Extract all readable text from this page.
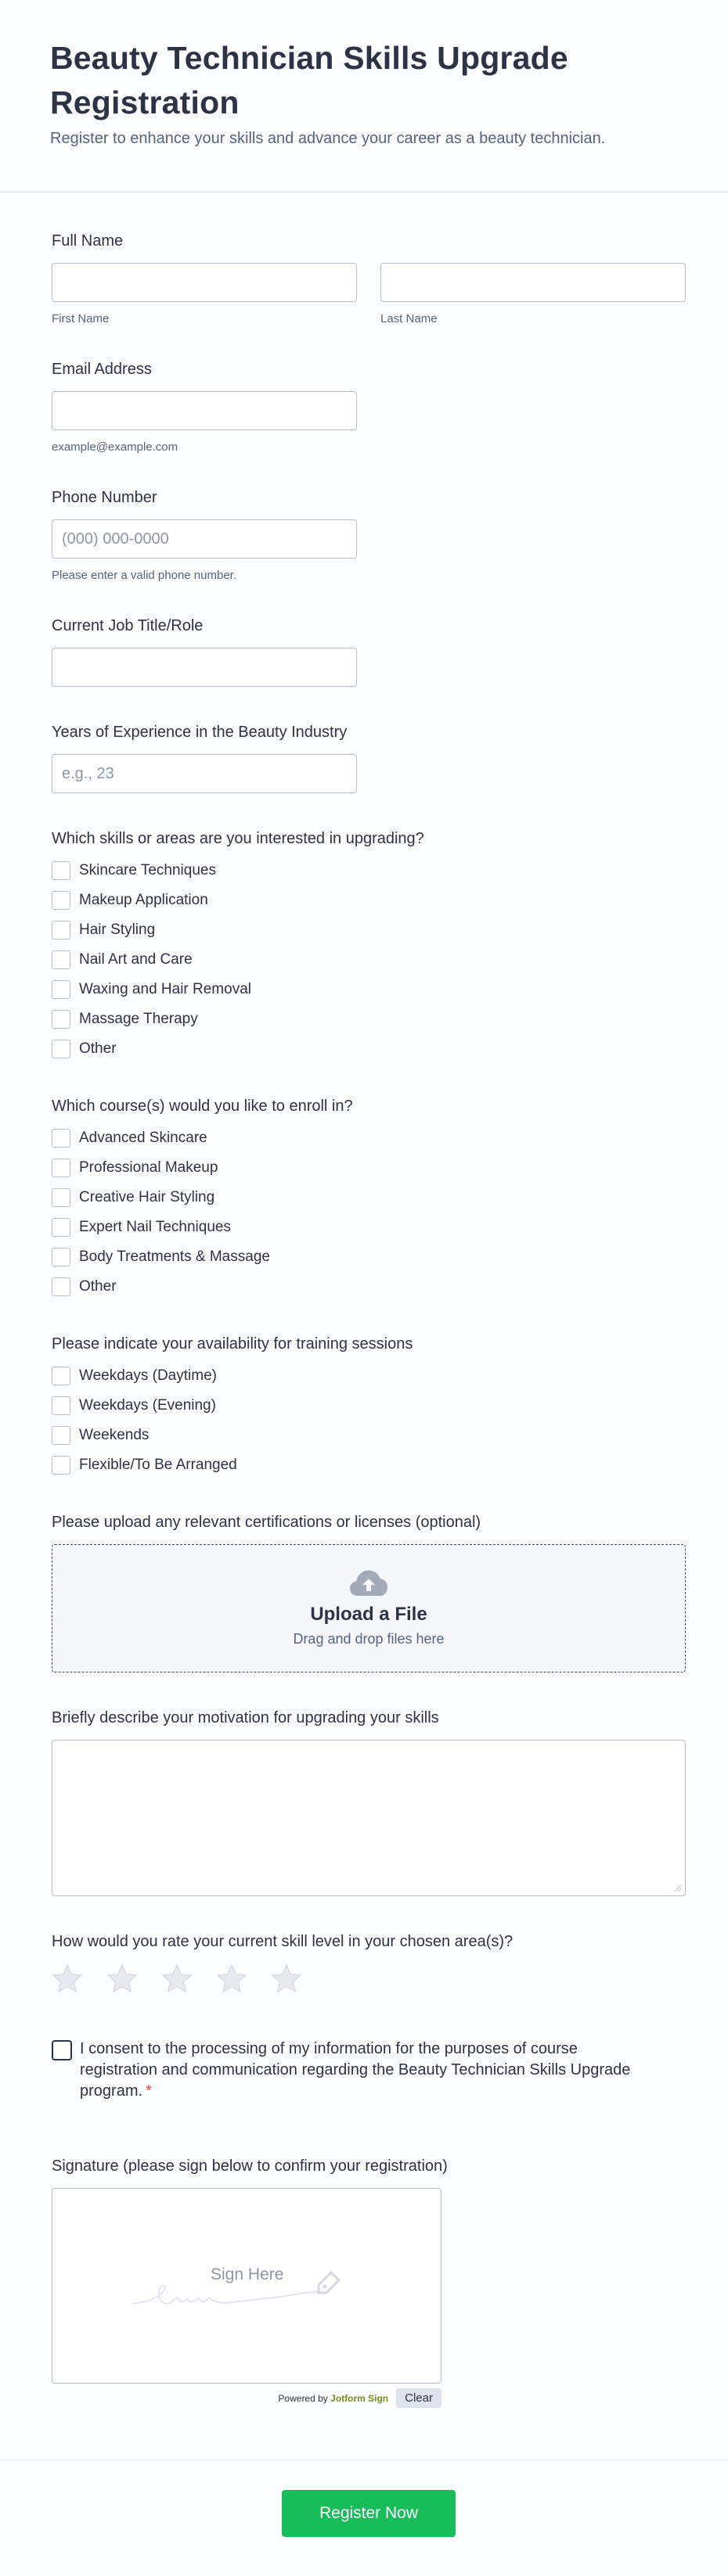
Beauty Technician Skills Upgrade Registration

Register to enhance your skills and advance your career as a beauty technician.

Full Name
First Name	Last Name
Email Address
example@example.com
Phone Number
(000) 000-0000
Please enter a valid phone number.
Current Job Title/Role
Years of Experience in the Beauty Industry
e.g., 23
Which skills or areas are you interested in upgrading?
Skincare Techniques
Makeup Application
Hair Styling
Nail Art and Care
Waxing and Hair Removal
Massage Therapy
Other
Which course(s) would you like to enroll in?
Advanced Skincare
Professional Makeup
Creative Hair Styling
Expert Nail Techniques
Body Treatments & Massage
Other
Please indicate your availability for training sessions
Weekdays (Daytime)
Weekdays (Evening)
Weekends
Flexible/To Be Arranged
Please upload any relevant certifications or licenses (optional)
Upload a File
Drag and drop files here
Briefly describe your motivation for upgrading your skills
How would you rate your current skill level in your chosen area(s)?
I consent to the processing of my information for the purposes of course registration and communication regarding the Beauty Technician Skills Upgrade program. *
Signature (please sign below to confirm your registration)
Sign Here
Powered by Jotform Sign	Clear
Register Now
